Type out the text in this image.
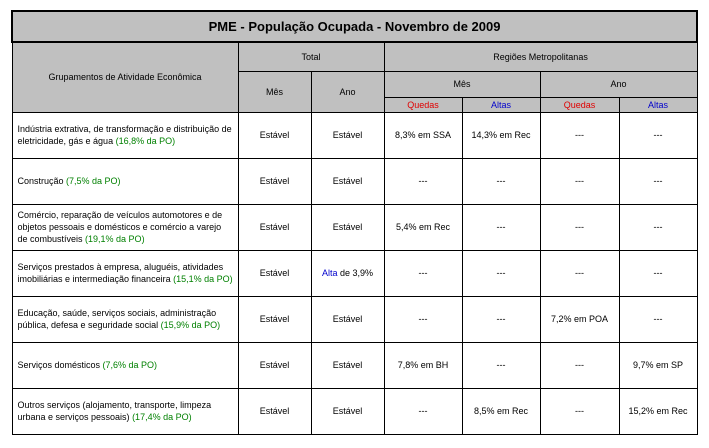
PME - População Ocupada - Novembro de 2009						
Grupamentos de Atividade Econômica	Total		Regiões Metropolitanas			
	Mês	Ano	Mês		Ano	
			Quedas	Altas	Quedas	Altas
Indústria extrativa, de transformação e distribuição de eletricidade, gás e água (16,8% da PO)	Estável	Estável	8,3% em SSA	14,3% em Rec	---	---
Construção (7,5% da PO)	Estável	Estável	---	---	---	---
Comércio, reparação de veículos automotores e de objetos pessoais e domésticos e comércio a varejo de combustíveis (19,1% da PO)	Estável	Estável	5,4% em Rec	---	---	---
Serviços prestados à empresa, aluguéis, atividades imobiliárias e intermediação financeira (15,1% da PO)	Estável	Alta de 3,9%	---	---	---	---
Educação, saúde, serviços sociais, administração pública, defesa e seguridade social (15,9% da PO)	Estável	Estável	---	---	7,2% em POA	---
Serviços domésticos (7,6% da PO)	Estável	Estável	7,8% em BH	---	---	9,7% em SP
Outros serviços (alojamento, transporte, limpeza urbana e serviços pessoais) (17,4% da PO)	Estável	Estável	---	8,5% em Rec	---	15,2% em Rec
